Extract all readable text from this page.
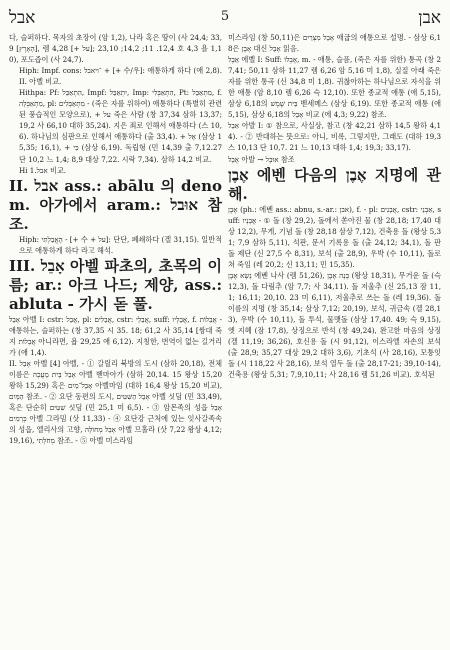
אבל	5	אבן

다, 슬퍼하다. 목자의 초장이 (암 1,2), 나라 혹은 땅이 (사 24,4; 33,9 [הָאָרֶץ], 렘 4,28 [+ על]; 12,4. 11; 14,2; 23,10 호 4,3 욜 1,10), 포도즙이 (사 24,7).

Hiph: Impf. cons: ־ויאבל + [+ 수/우]: 애통하게 하다 (애 2,8). II. 아벨 비교.

Hithpa: Pf: הִתְאַבֵּל, Impf: יִתְאַבֵּל, Imp: הִתְאַבְּלִי, Pt: מִתְאַבֵּל, f. מִתְאַבְּלָה, pl: מִתְאַבְּלִים - (죽은 자를 위하여) 애통하다 (특별히 관련된 풍습적인 모양으로), + על 죽은 사람 (창 37,34 삼하 13,37; 19,2 사 66,10 대하 35,24). 지은 죄로 인해서 애통하다 (스 10,6). 하나님의 심판으로 인해서 애통하다 (출 33,4). + אֶל (삼상 15,35; 16,1), + כִּי (삼상 6,19). 독립형 (민 14,39 출 7,12.27 단 10,2 느 1,4; 8,9 대상 7,22. 시락 7,34). 삼하 14,2 비교.

Hi 1.אבל 비교.

II. אבל ass.: abālu 의 denom. 아가에서 aram.: אוּבל 참조.

Hiph: הֶאֱבַלְתִּי - [+ 수 + על]: 단단, 폐쇄하다 (겔 31,15). 일반적으로 애통하게 하다 라고 해석.

III. אָבֵל 아벨 파초의, 초목의 이름; ar.: 아크 나드; 제양, ass.: abluta - 가시 돋 풀.

אָבֵל 아벨 I: cstr: אֲבֵל, pl: אֲבֵלִים, cstr: אֲבֵלֵי, suff: אֲבֵלָיו, f. אֲבֵלוֹת - 애통하는, 슬퍼하는 (창 37,35 시 35. 18; 61,2 사 35,14 [쌍대 죽지 אֲבֵלוֹת 아니라면, 욥 29,25 애 6,12). 지칭한, 번역이 없는 길거리가 (애 1,4).

II. אָבֵל 아벨 [4] 아벨, - ① 갈릴리 북방의 도시 (삼하 20,18), 전체 이름은 אָבֵל בֵּית מַעֲכָה 아벨 벧마아가 (삼하 20,14. 15 왕상 15,20 왕하 15,29) 혹은 אָבֵל־מַיִם 아벨마임 (대하 16,4 왕상 15,20 비교), הַמָּיִם 참조. - ② 요단 동편의 도시, אָבֵל הַשִּׁטִּים 아벨 싯딤 (민 33,49), 혹은 단순히 שִׁטִּים 싯딤 (민 25,1 미 6,5). - ③ 암몬족의 성읍 אָבֵל כְּרָמִים 아벨 그라밈 (삿 11,33) - ④ 요단강 근처에 있는 잇사갈족속의 성읍, 엘리사의 고향, אָבֵל מְחוֹלָה 아벨 므홀라 (삿 7,22 왕상 4,12; 19,16), מְחֹלָתִי 참조. - ⑤ 아벨 미스라임

미스라임 (창 50,11)은 אָבֵל מִצְרַיִם 애굽의 애통으로 설명. - 삼상 6,18은 אָבֶן 대신 אָבֵל 읽음.

אֵבֶל 에벨 I: Suff: אֶבְלוֹ, m. - 애통, 슬픔, (죽은 자를 위한) 통곡 (창 27,41; 50,11 삼하 11,27 렘 6,26 암 5,16 미 1,8), 실질 아래 죽은 자를 위한 통곡 (신 34,8 미 1,8). 귀찮아하는 하나님으로 자식을 위한 애통 (암 8,10 렘 6,26 슥 12,10). 또한 종교적 애통 (애 5,15), 삼상 6,18의 בֵּית שֶׁמֶשׁ 벧세메스 (삼상 6,19). 또한 종교적 애통 (애 5,15), 삼상 6,18의 אָבֵל 비교 (에 4,3; 9,22) 참조.

אַבַל 아발 I: ① 참으로, 사실상, 참고 (창 42,21 삼하 14,5 왕하 4,14). - ② 반대하는 뜻으로: 아니, 비록, 그렇지만, 그래도 (대하 19,3 스 10,13 단 10,7. 21 느 10,13 대하 1,4; 19,3; 33,17).

אֻבָל 아발 → אוּבָל 참조

אֶבֶן 에벤 다음의 אֶבֶן 지명에 관해.

אֶבֶן (ph.: 에벤 ass.: abnu, s.-ar.: אבן), f. - pl: אֲבָנִים, cstr: אַבְנֵי, suff: אֲבָנָיו - ① 돌 (창 29,2), 돌에서 쏟아진 물 (창 28,18; 17,40 대상 12,2), 무게, 기념 돌 (창 28,18 삼상 7,12), 건축용 돌 (왕상 5,31; 7,9 삼하 5,11), 석판, 문서 기록용 돌 (출 24,12; 34,1), 돌 판 돌 제단 (신 27,5 수 8,31), 보석 (출 28,9), 우박 (수 10,11), 돌로 쳐 죽임 (레 20,2; 신 13,11; 민 15,35).

נָשָׂא אֶבֶן 에벤 나사 (렘 51,26), בָּנָה אֶבֶן (왕상 18,31), 무거운 돌 (슥 12,3), 돌 다림추 (암 7,7; 사 34,11). 돌 저울추 (신 25,13 잠 11,1; 16,11; 20,10. 23 미 6,11), 저울추로 쓰는 돌 (레 19,36). 돌 이름의 지명 (창 35,14; 삼상 7,12; 20,19), 보석, 귀금속 (겔 28,13), 우박 (수 10,11), 돌 투석, 물맷돌 (삼상 17,40. 49; 슥 9,15), 엣 지혜 (잠 17,8), 상징으로 반석 (창 49,24), 완고한 마음의 상징 (겔 11,19; 36,26), 호신용 돌 (시 91,12), 이스라엘 자손의 보석 (출 28,9; 35,27 대상 29,2 대하 3,6), 기초석 (사 28,16), 모퉁잇돌 (시 118,22 사 28,16), 보석 열두 돌 (출 28,17-21; 39,10-14), 건축용 (왕상 5,31; 7,9,10,11; 사 28,16 렘 51,26 비교). 호석된
